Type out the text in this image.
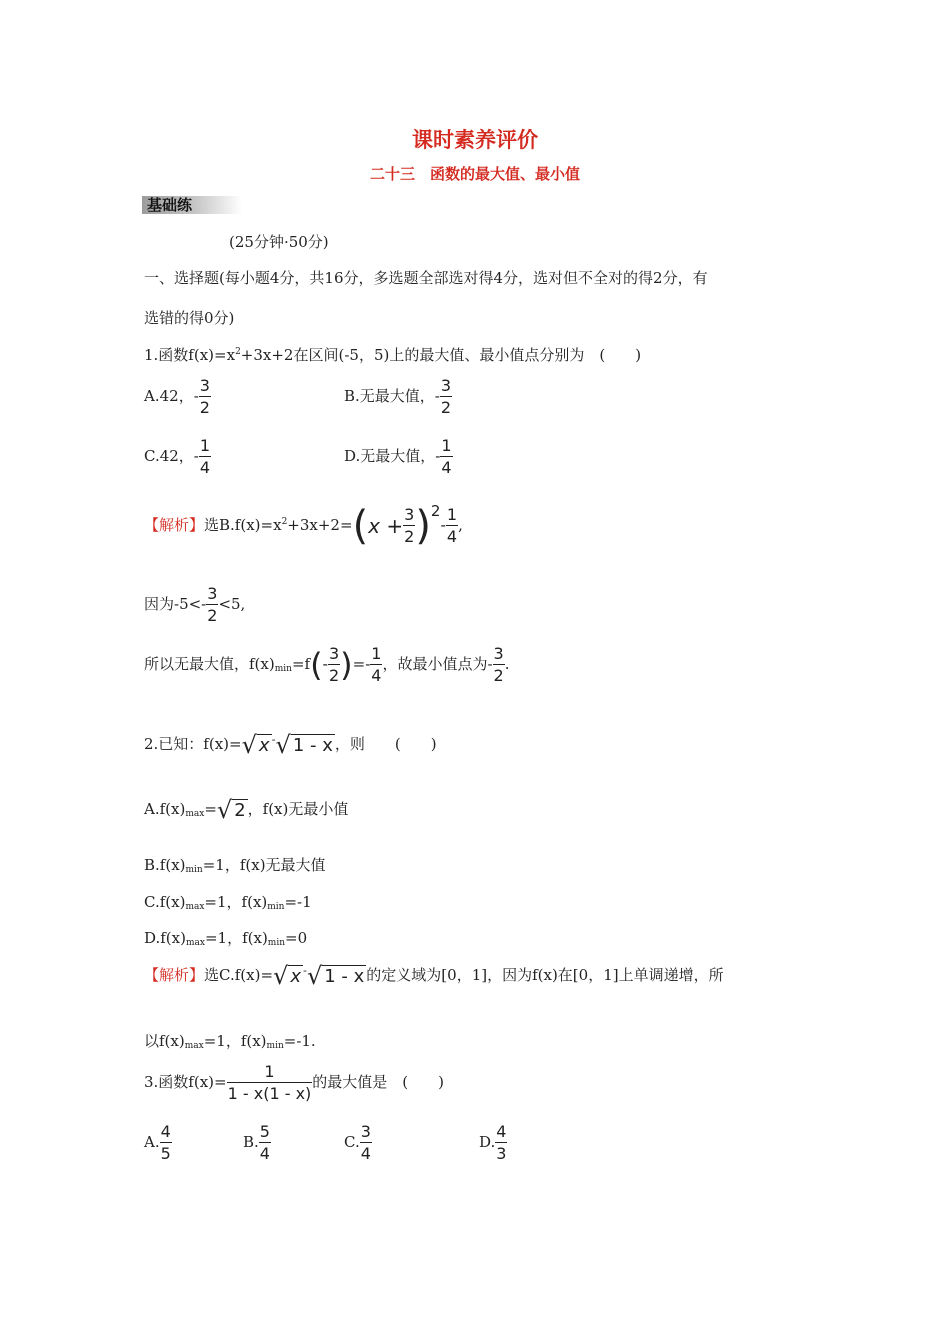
课时素养评价
二十三　函数的最大值、最小值
基础练
(25分钟·50分)
一、选择题(每小题4分，共16分，多选题全部选对得4分，选对但不全对的得2分，有
选错的得0分)
1.函数$f(x)=x^2+3x+2$在区间(-5，5)上的最大值、最小值点分别为　(　　)
A.42，- $\frac{3}{2}$	B.无最大值，- $\frac{3}{2}$
C.42，- $\frac{1}{4}$	D.无最大值，- $\frac{1}{4}$
【解析】选$B.f(x)=x^2+3x+2=(x + \frac{3}{2} )2- \frac{1}{4}$ ,
因为$-5<- \frac{3}{2} <5$,
所以无最大值，$f(x)_{min}=f(- \frac{3}{2}$ )=- $\frac{1}{4}$ ，故最小值点为- $\frac{3}{2}$ .
2.已知：f(x)=√ x -√ 1 - x ，则　　(　　)
$A.f(x)_{max}=√$ 2 ，f(x)无最小值
$B.f(x)_{min}=1$，f(x)无最大值
$C.f(x)_{max}=1$，$f(x)_{min}=-1$
$D.f(x)_{max}=1$，$f(x)_{min}=0$
【解析】选C.f(x)=√ x -√ 1 - x 的定义域为[0，1]，因为f(x)在[0，1]上单调递增，所
以$f(x)_{max}=1$，$f(x)_{min}=-1$.
3.函数$f(x)= \frac{1}{1 - x(1 - x)}$ 的最大值是　(　　)
A. $\frac{4}{5}$	B. $\frac{5}{4}$	C. $\frac{3}{4}$	D. $\frac{4}{3}$
